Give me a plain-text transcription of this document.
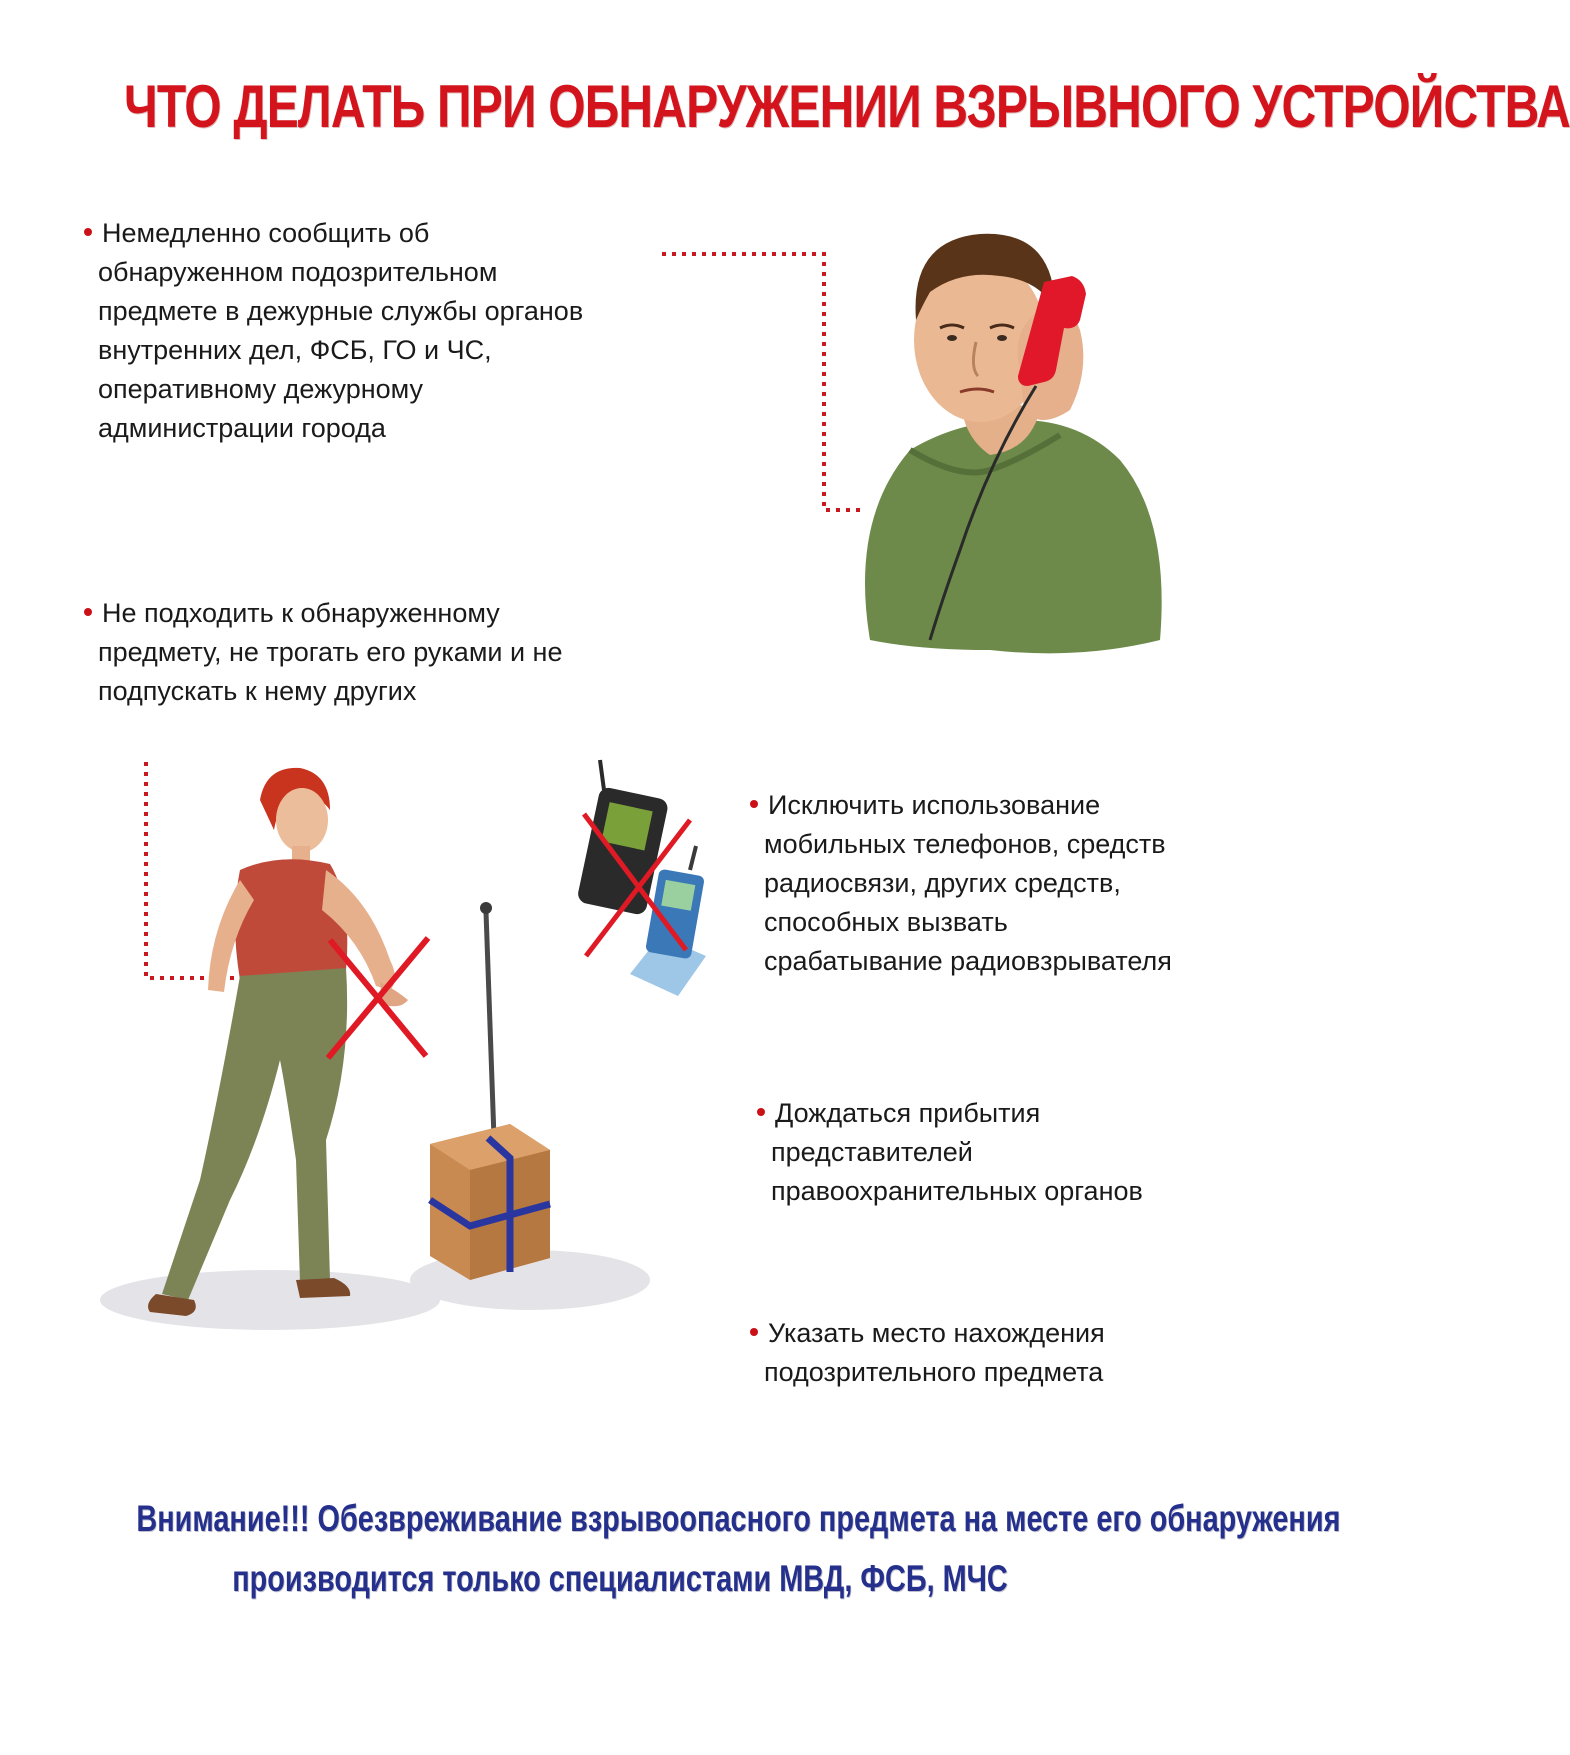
ЧТО ДЕЛАТЬ ПРИ ОБНАРУЖЕНИИ ВЗРЫВНОГО УСТРОЙСТВА

Немедленно сообщить об

обнаруженном подозрительном

предмете в дежурные службы органов

внутренних дел, ФСБ, ГО и ЧС,

оперативному дежурному

администрации города

Не подходить к обнаруженному

предмету, не трогать его руками и не

подпускать к нему других

Исключить использование

мобильных телефонов, средств

радиосвязи, других средств,

способных вызвать

срабатывание радиовзрывателя

Дождаться прибытия

представителей

правоохранительных органов

Указать место нахождения

подозрительного предмета

Внимание!!! Обезвреживание взрывоопасного предмета на месте его обнаружения
производится только специалистами МВД, ФСБ, МЧС
